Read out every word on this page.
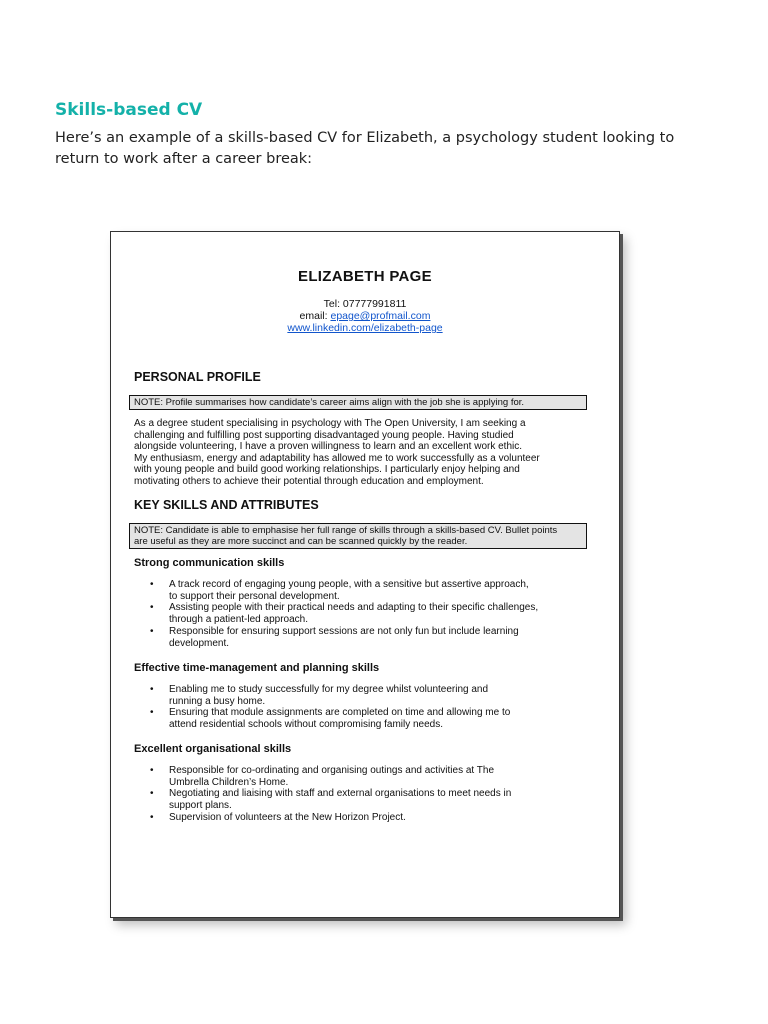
Skills-based CV

Here’s an example of a skills-based CV for Elizabeth, a psychology student looking to return to work after a career break:

ELIZABETH PAGE
Tel: 07777991811
email: epage@profmail.com
www.linkedin.com/elizabeth-page
PERSONAL PROFILE
NOTE: Profile summarises how candidate’s career aims align with the job she is applying for.

As a degree student specialising in psychology with The Open University, I am seeking a
challenging and fulfilling post supporting disadvantaged young people. Having studied
alongside volunteering, I have a proven willingness to learn and an excellent work ethic.
My enthusiasm, energy and adaptability has allowed me to work successfully as a volunteer
with young people and build good working relationships. I particularly enjoy helping and
motivating others to achieve their potential through education and employment.

KEY SKILLS AND ATTRIBUTES
NOTE: Candidate is able to emphasise her full range of skills through a skills-based CV. Bullet points
are useful as they are more succinct and can be scanned quickly by the reader.
Strong communication skills
• A track record of engaging young people, with a sensitive but assertive approach,
to support their personal development.
• Assisting people with their practical needs and adapting to their specific challenges,
through a patient-led approach.
• Responsible for ensuring support sessions are not only fun but include learning
development.
Effective time-management and planning skills
• Enabling me to study successfully for my degree whilst volunteering and
running a busy home.
• Ensuring that module assignments are completed on time and allowing me to
attend residential schools without compromising family needs.
Excellent organisational skills
• Responsible for co-ordinating and organising outings and activities at The
Umbrella Children’s Home.
• Negotiating and liaising with staff and external organisations to meet needs in
support plans.
• Supervision of volunteers at the New Horizon Project.
